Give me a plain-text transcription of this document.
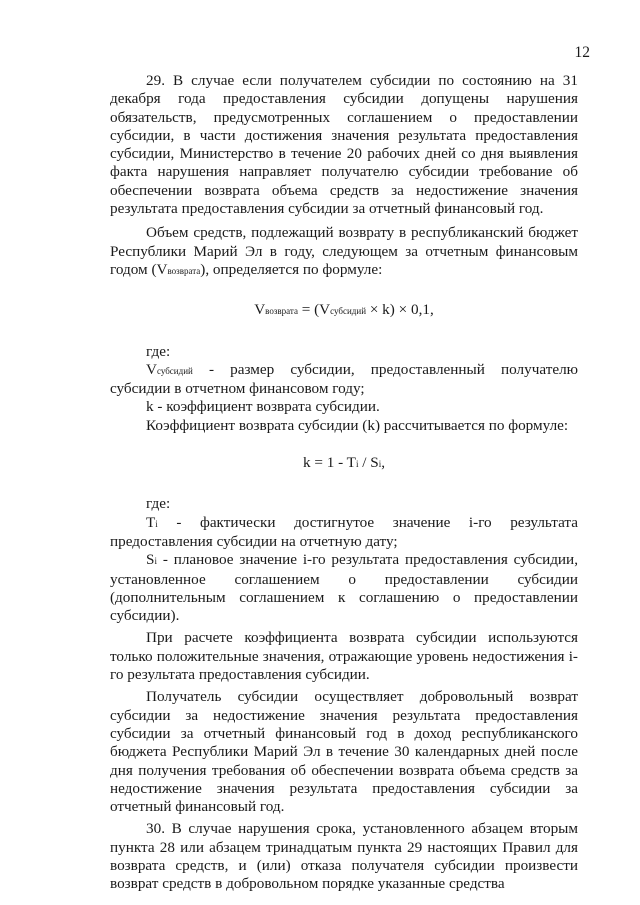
12

29. В случае если получателем субсидии по состоянию на 31 декабря года предоставления субсидии допущены нарушения обязательств, предусмотренных соглашением о предоставлении субсидии, в части достижения значения результата предоставления субсидии, Министерство в течение 20 рабочих дней со дня выявления факта нарушения направляет получателю субсидии требование об обеспечении возврата объема средств за недостижение значения результата предоставления субсидии за отчетный финансовый год.

Объем средств, подлежащий возврату в республиканский бюджет Республики Марий Эл в году, следующем за отчетным финансовым годом (Vвозврата), определяется по формуле:

Vвозврата = (Vсубсидий × k) × 0,1,

где:

Vсубсидий - размер субсидии, предоставленный получателю субсидии в отчетном финансовом году;

k - коэффициент возврата субсидии.

Коэффициент возврата субсидии (k) рассчитывается по формуле:

k = 1 - Ti / Si,

где:

Ti - фактически достигнутое значение i-го результата предоставления субсидии на отчетную дату;

Si - плановое значение i-го результата предоставления субсидии, установленное соглашением о предоставлении субсидии (дополнительным соглашением к соглашению о предоставлении субсидии).

При расчете коэффициента возврата субсидии используются только положительные значения, отражающие уровень недостижения i-го результата предоставления субсидии.

Получатель субсидии осуществляет добровольный возврат субсидии за недостижение значения результата предоставления субсидии за отчетный финансовый год в доход республиканского бюджета Республики Марий Эл в течение 30 календарных дней после дня получения требования об обеспечении возврата объема средств за недостижение значения результата предоставления субсидии за отчетный финансовый год.

30. В случае нарушения срока, установленного абзацем вторым пункта 28 или абзацем тринадцатым пункта 29 настоящих Правил для возврата средств, и (или) отказа получателя субсидии произвести возврат средств в добровольном порядке указанные средства
